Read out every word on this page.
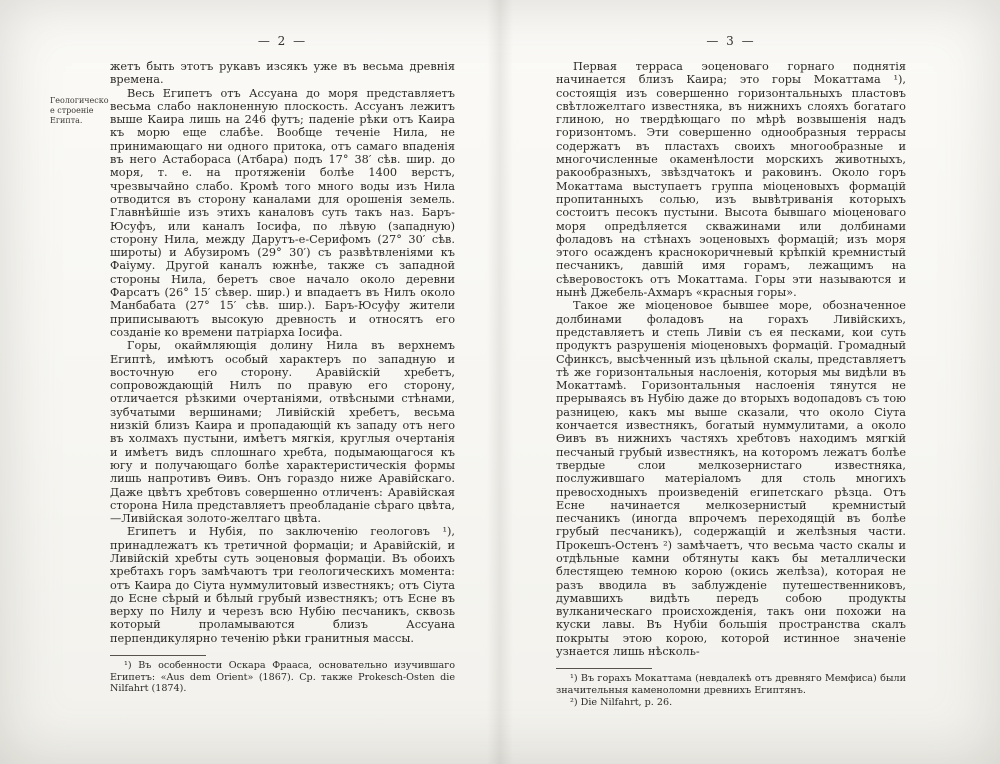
Геологическое строеніе Египта.
— 2 —

жетъ быть этотъ рукавъ изсякъ уже въ весьма древнія времена.

Весь Египетъ отъ Ассуана до моря представляетъ весьма слабо наклоненную плоскость. Ассуанъ лежитъ выше Каира лишь на 246 футъ; паденіе рѣки отъ Каира къ морю еще слабѣе. Вообще теченіе Нила, не принимающаго ни одного притока, отъ самаго впаденія въ него Астабораса (Атбара) подъ 17° 38′ сѣв. шир. до моря, т. е. на протяженіи болѣе 1400 верстъ, чрезвычайно слабо. Кромѣ того много воды изъ Нила отводится въ сторону каналами для орошенія земель. Главнѣйшіе изъ этихъ каналовъ суть такъ наз. Баръ-Юсуфъ, или каналъ Іосифа, по лѣвую (западную) сторону Нила, между Дарутъ-е-Серифомъ (27° 30′ сѣв. широты) и Абузиромъ (29° 30′) съ развѣтвленіями къ Фаіуму. Другой каналъ южнѣе, также съ западной стороны Нила, беретъ свое начало около деревни Фарсатъ (26° 15′ сѣвер. шир.) и впадаетъ въ Нилъ около Манбабата (27° 15′ сѣв. шир.). Баръ-Юсуфу жители приписываютъ высокую древность и относятъ его созданіе ко времени патріарха Іосифа.

Горы, окаймляющія долину Нила въ верхнемъ Египтѣ, имѣютъ особый характеръ по западную и восточную его сторону. Аравійскій хребетъ, сопровождающій Нилъ по правую его сторону, отличается рѣзкими очертаніями, отвѣсными стѣнами, зубчатыми вершинами; Ливійскій хребетъ, весьма низкій близъ Каира и пропадающій къ западу отъ него въ холмахъ пустыни, имѣетъ мягкія, круглыя очертанія и имѣетъ видъ сплошнаго хребта, подымающагося къ югу и получающаго болѣе характеристическія формы лишь напротивъ Ѳивъ. Онъ гораздо ниже Аравійскаго. Даже цвѣтъ хребтовъ совершенно отличенъ: Аравійская сторона Нила представляетъ преобладаніе сѣраго цвѣта,—Ливійская золото-желтаго цвѣта.

Египетъ и Нубія, по заключенію геологовъ ¹), принадлежатъ къ третичной формаціи; и Аравійскій, и Ливійскій хребты суть эоценовыя формаціи. Въ обоихъ хребтахъ горъ замѣчаютъ три геологическихъ момента: отъ Каира до Сіута нуммулитовый известнякъ; отъ Сіута до Есне сѣрый и бѣлый грубый известнякъ; отъ Есне въ верху по Нилу и черезъ всю Нубію песчаникъ, сквозь который проламываются близъ Ассуана перпендикулярно теченію рѣки гранитныя массы.

¹) Въ особенности Оскара Фрааса, основательно изучившаго Египетъ: «Aus dem Orient» (1867). Ср. также Prokesch-Osten die Nilfahrt (1874).

— 3 —

Первая терраса эоценоваго горнаго поднятія начинается близъ Каира; это горы Мокаттама ¹), состоящія изъ совершенно горизонтальныхъ пластовъ свѣтложелтаго известняка, въ нижнихъ слояхъ богатаго глиною, но твердѣющаго по мѣрѣ возвышенія надъ горизонтомъ. Эти совершенно однообразныя террасы содержатъ въ пластахъ своихъ многообразные и многочисленные окаменѣлости морскихъ животныхъ, ракообразныхъ, звѣздчатокъ и раковинъ. Около горъ Мокаттама выступаетъ группа міоценовыхъ формацій пропитанныхъ солью, изъ вывѣтриванія которыхъ состоитъ песокъ пустыни. Высота бывшаго міоценоваго моря опредѣляется скважинами или долбинами фоладовъ на стѣнахъ эоценовыхъ формацій; изъ моря этого осажденъ краснокоричневый крѣпкій кремнистый песчаникъ, давшій имя горамъ, лежащимъ на сѣверовостокъ отъ Мокаттама. Горы эти называются и нынѣ Джебель-Ахмаръ «красныя горы».

Такое же міоценовое бывшее море, обозначенное долбинами фоладовъ на горахъ Ливійскихъ, представляетъ и степь Ливіи съ ея песками, кои суть продуктъ разрушенія міоценовыхъ формацій. Громадный Сфинксъ, высѣченный изъ цѣльной скалы, представляетъ тѣ же горизонтальныя наслоенія, которыя мы видѣли въ Мокаттамѣ. Горизонтальныя наслоенія тянутся не прерываясь въ Нубію даже до вторыхъ водопадовъ съ тою разницею, какъ мы выше сказали, что около Сіута кончается известнякъ, богатый нуммулитами, а около Ѳивъ въ нижнихъ частяхъ хребтовъ находимъ мягкій песчаный грубый известнякъ, на которомъ лежатъ болѣе твердые слои мелкозернистаго известняка, послужившаго матеріаломъ для столь многихъ превосходныхъ произведеній египетскаго рѣзца. Отъ Есне начинается мелкозернистый кремнистый песчаникъ (иногда впрочемъ переходящій въ болѣе грубый песчаникъ), содержащій и желѣзныя части. Прокешъ-Остенъ ²) замѣчаетъ, что весьма часто скалы и отдѣльные камни обтянуты какъ бы металлически блестящею темною корою (окись желѣза), которая не разъ вводила въ заблужденіе путешественниковъ, думавшихъ видѣть передъ собою продукты вулканическаго происхожденія, такъ они похожи на куски лавы. Въ Нубіи большія пространства скалъ покрыты этою корою, которой истинное значеніе узнается лишь нѣсколь-

¹) Въ горахъ Мокаттама (невдалекѣ отъ древняго Мемфиса) были значительныя каменоломни древнихъ Египтянъ.

²) Die Nilfahrt, p. 26.
